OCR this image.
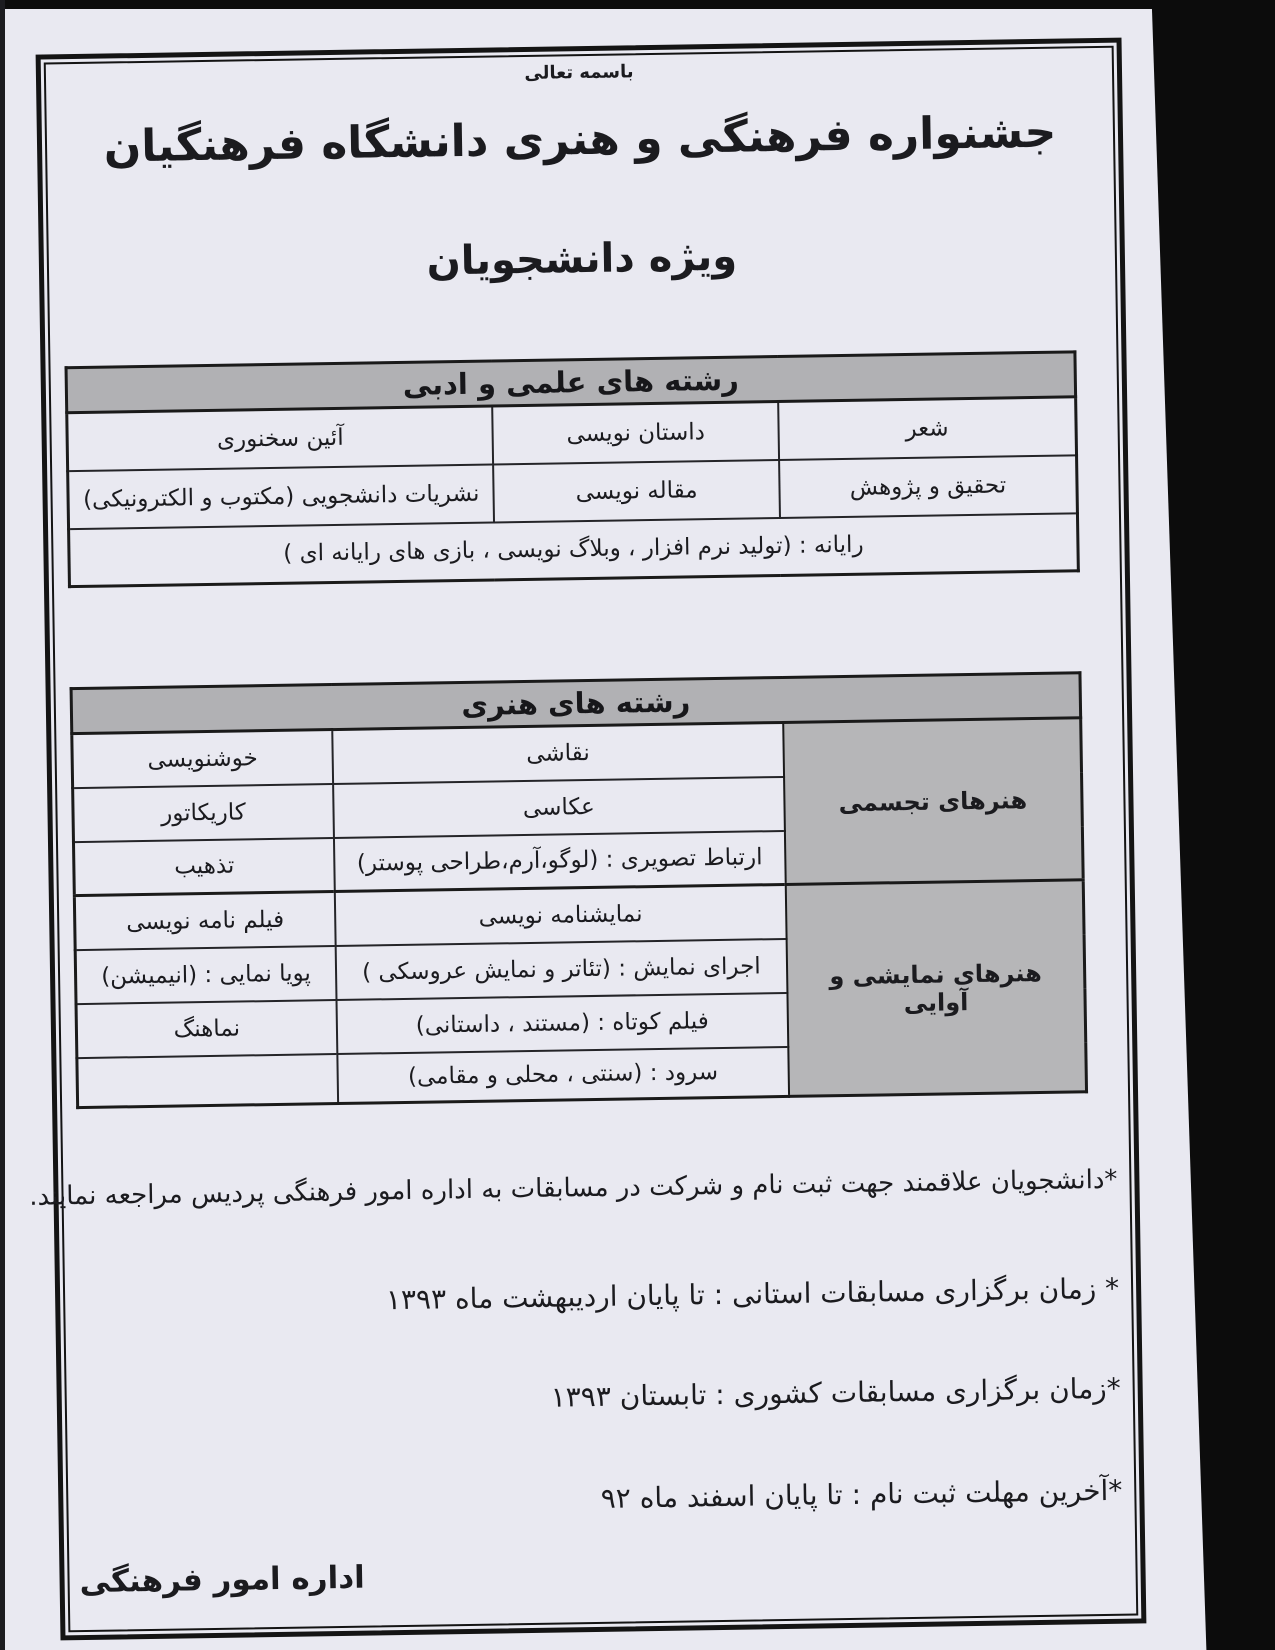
باسمه تعالی
جشنواره فرهنگی و هنری دانشگاه فرهنگیان
ویژه دانشجویان
رشته های علمی و ادبی		
شعر	داستان نویسی	آئین سخنوری
تحقیق و پژوهش	مقاله نویسی	نشریات دانشجویی (مکتوب و الکترونیکی)
رایانه : (تولید نرم افزار ، وبلاگ نویسی ، بازی های رایانه ای )		
رشته های هنری		
هنرهای تجسمی	نقاشی	خوشنویسی
	عکاسی	کاریکاتور
	ارتباط تصویری : (لوگو،آرم،طراحی پوستر)	تذهیب
هنرهای نمایشی و آوایی	نمایشنامه نویسی	فیلم نامه نویسی
	اجرای نمایش : (تئاتر و نمایش عروسکی )	پویا نمایی : (انیمیشن)
	فیلم کوتاه : (مستند ، داستانی)	نماهنگ
	سرود : (سنتی ، محلی و مقامی)	
*دانشجویان علاقمند جهت ثبت نام و شرکت در مسابقات به اداره امور فرهنگی پردیس مراجعه نمایند.
* زمان برگزاری مسابقات استانی : تا پایان اردیبهشت ماه ۱۳۹۳
*زمان برگزاری مسابقات کشوری : تابستان ۱۳۹۳
*آخرین مهلت ثبت نام : تا پایان اسفند ماه ۹۲
اداره امور فرهنگی
